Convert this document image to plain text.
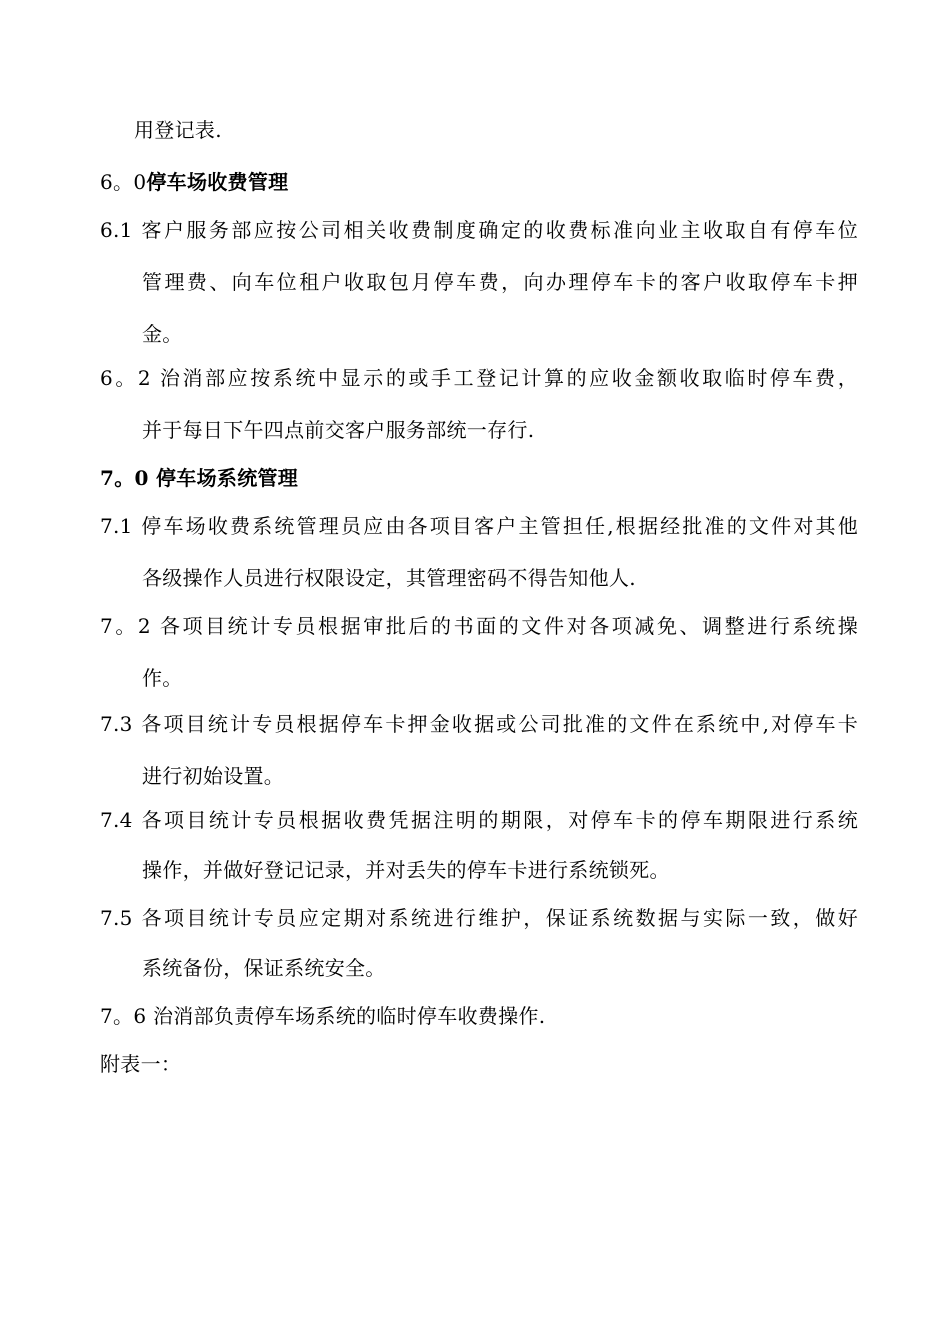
用登记表.
6。0停车场收费管理
6.1 客户服务部应按公司相关收费制度确定的收费标准向业主收取自有停车位
管理费、向车位租户收取包月停车费，向办理停车卡的客户收取停车卡押
金。
6。2 治消部应按系统中显示的或手工登记计算的应收金额收取临时停车费，
并于每日下午四点前交客户服务部统一存行.
7。0 停车场系统管理
7.1 停车场收费系统管理员应由各项目客户主管担任,根据经批准的文件对其他
各级操作人员进行权限设定，其管理密码不得告知他人.
7。2 各项目统计专员根据审批后的书面的文件对各项减免、调整进行系统操
作。
7.3 各项目统计专员根据停车卡押金收据或公司批准的文件在系统中,对停车卡
进行初始设置。
7.4 各项目统计专员根据收费凭据注明的期限，对停车卡的停车期限进行系统
操作，并做好登记记录，并对丢失的停车卡进行系统锁死。
7.5 各项目统计专员应定期对系统进行维护，保证系统数据与实际一致，做好
系统备份，保证系统安全。
7。6 治消部负责停车场系统的临时停车收费操作.
附表一：
